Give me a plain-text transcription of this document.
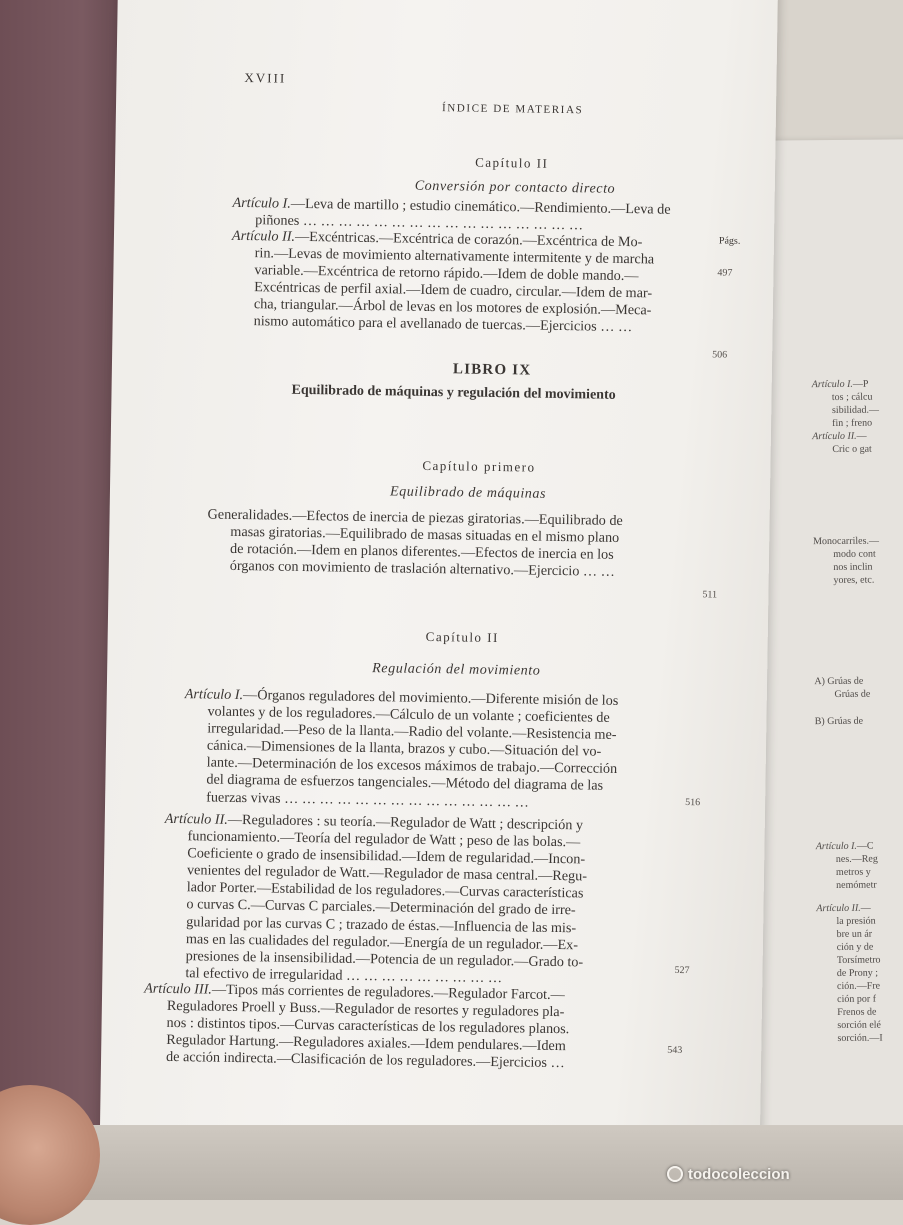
Artículo I.—P
tos ; cálcu
sibilidad.—
fin ; freno
Artículo II.—
Cric o gat
Monocarriles.—
modo cont
nos inclin
yores, etc.
A) Grúas de
Grúas de
B) Grúas de
Artículo I.—C
nes.—Reg
metros y
nemómetr
Artículo II.—
la presión
bre un ár
ción y de
Torsímetro
de Prony ;
ción.—Fre
ción por f
Frenos de
sorción elé
sorción.—I
XVIII
ÍNDICE DE MATERIAS
Págs.
Capítulo II
Conversión por contacto directo
Artículo I.—Leva de martillo ; estudio cinemático.—Rendimiento.—Leva de
piñones … … … … … … … … … … … … … … … …
Artículo II.—Excéntricas.—Excéntrica de corazón.—Excéntrica de Mo-
rin.—Levas de movimiento alternativamente intermitente y de marcha
variable.—Excéntrica de retorno rápido.—Idem de doble mando.—
Excéntricas de perfil axial.—Idem de cuadro, circular.—Idem de mar-
cha, triangular.—Árbol de levas en los motores de explosión.—Meca-
nismo automático para el avellanado de tuercas.—Ejercicios … …
LIBRO IX
Equilibrado de máquinas y regulación del movimiento
Capítulo primero
Equilibrado de máquinas
Generalidades.—Efectos de inercia de piezas giratorias.—Equilibrado de
masas giratorias.—Equilibrado de masas situadas en el mismo plano
de rotación.—Idem en planos diferentes.—Efectos de inercia en los
órganos con movimiento de traslación alternativo.—Ejercicio … …
Capítulo II
Regulación del movimiento
Artículo I.—Órganos reguladores del movimiento.—Diferente misión de los
volantes y de los reguladores.—Cálculo de un volante ; coeficientes de
irregularidad.—Peso de la llanta.—Radio del volante.—Resistencia me-
cánica.—Dimensiones de la llanta, brazos y cubo.—Situación del vo-
lante.—Determinación de los excesos máximos de trabajo.—Corrección
del diagrama de esfuerzos tangenciales.—Método del diagrama de las
fuerzas vivas … … … … … … … … … … … … … …
Artículo II.—Reguladores : su teoría.—Regulador de Watt ; descripción y
funcionamiento.—Teoría del regulador de Watt ; peso de las bolas.—
Coeficiente o grado de insensibilidad.—Idem de regularidad.—Incon-
venientes del regulador de Watt.—Regulador de masa central.—Regu-
lador Porter.—Estabilidad de los reguladores.—Curvas características
o curvas C.—Curvas C parciales.—Determinación del grado de irre-
gularidad por las curvas C ; trazado de éstas.—Influencia de las mis-
mas en las cualidades del regulador.—Energía de un regulador.—Ex-
presiones de la insensibilidad.—Potencia de un regulador.—Grado to-
tal efectivo de irregularidad … … … … … … … … …
Artículo III.—Tipos más corrientes de reguladores.—Regulador Farcot.—
Reguladores Proell y Buss.—Regulador de resortes y reguladores pla-
nos : distintos tipos.—Curvas características de los reguladores planos.
Regulador Hartung.—Reguladores axiales.—Idem pendulares.—Idem
de acción indirecta.—Clasificación de los reguladores.—Ejercicios …
497
506
511
516
527
543
todocoleccion
